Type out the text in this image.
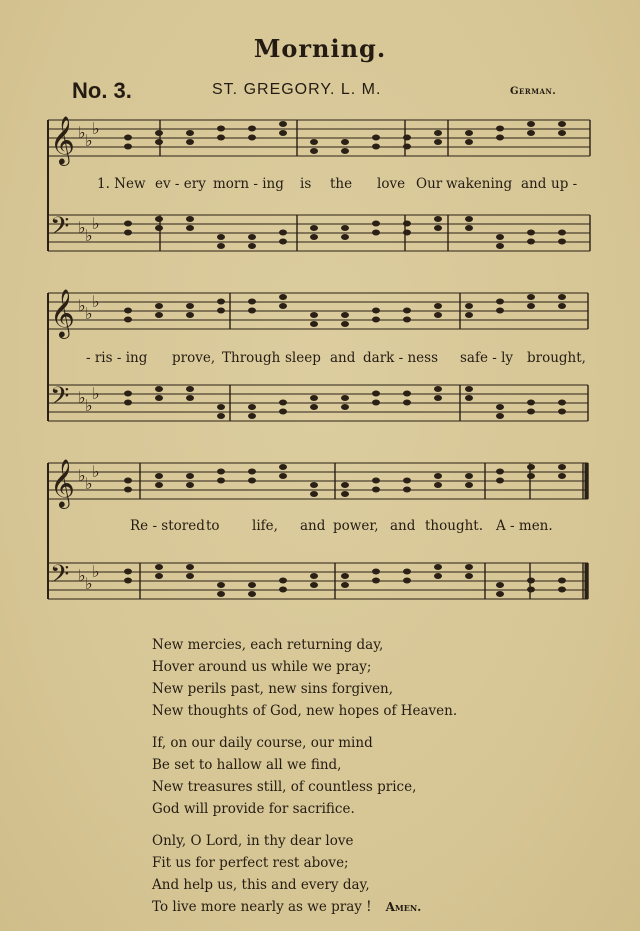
Morning.
No. 3.	ST. GREGORY. L. M.	German.
𝄞 ♭ ♭
♭
𝄢 ♭ ♭
♭
𝄞 ♭ ♭
♭
𝄢 ♭ ♭
♭
𝄞 ♭ ♭
♭
𝄢 ♭ ♭
♭
1. New ev - ery morn - ing is the love Our wakening and up -
- ris - ing prove, Through sleep and dark - ness safe - ly brought,
Re - stored to life, and power, and thought. A - men.
New mercies, each returning day,
Hover around us while we pray;
New perils past, new sins forgiven,
New thoughts of God, new hopes of Heaven.
If, on our daily course, our mind
Be set to hallow all we find,
New treasures still, of countless price,
God will provide for sacrifice.
Only, O Lord, in thy dear love
Fit us for perfect rest above;
And help us, this and every day,
To live more nearly as we pray ! Amen.
